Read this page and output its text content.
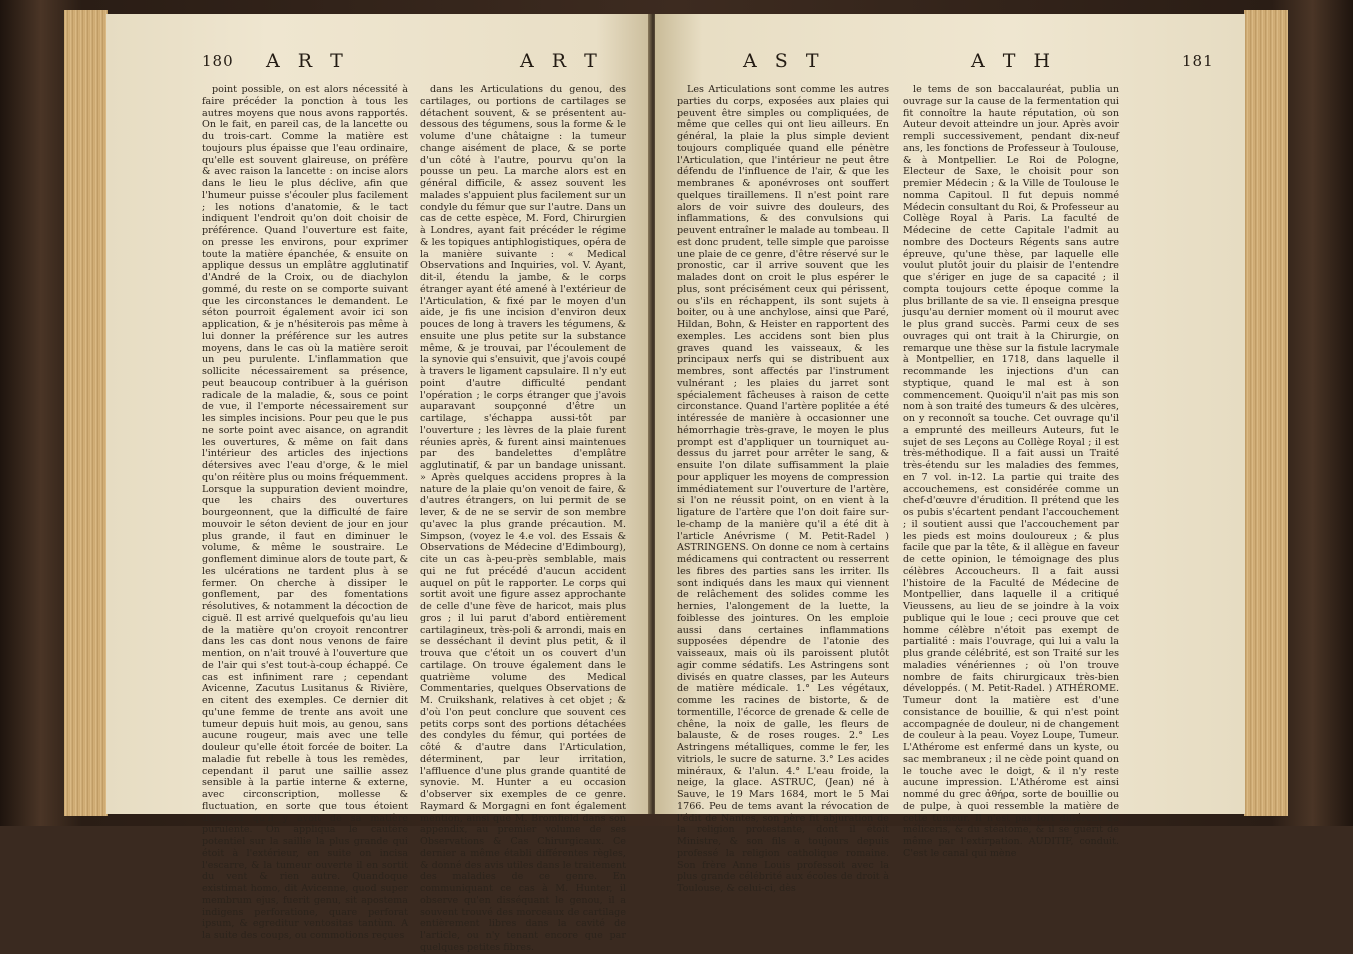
180 A R T	A R T

point possible, on est alors nécessité à faire précéder la ponction à tous les autres moyens que nous avons rapportés. On le fait, en pareil cas, de la lancette ou du trois-cart. Comme la matière est toujours plus épaisse que l'eau ordinaire, qu'elle est souvent glaireuse, on préfère & avec raison la lancette : on incise alors dans le lieu le plus déclive, afin que l'humeur puisse s'écouler plus facilement ; les notions d'anatomie, & le tact indiquent l'endroit qu'on doit choisir de préférence. Quand l'ouverture est faite, on presse les environs, pour exprimer toute la matière épanchée, & ensuite on applique dessus un emplâtre agglutinatif d'André de la Croix, ou de diachylon gommé, du reste on se comporte suivant que les circonstances le demandent. Le séton pourroit également avoir ici son application, & je n'hésiterois pas même à lui donner la préférence sur les autres moyens, dans le cas où la matière seroit un peu purulente. L'inflammation que sollicite nécessairement sa présence, peut beaucoup contribuer à la guérison radicale de la maladie, &, sous ce point de vue, il l'emporte nécessairement sur les simples incisions. Pour peu que le pus ne sorte point avec aisance, on agrandit les ouvertures, & même on fait dans l'intérieur des articles des injections détersives avec l'eau d'orge, & le miel qu'on réitère plus ou moins fréquemment. Lorsque la suppuration devient moindre, que les chairs des ouvertures bourgeonnent, que la difficulté de faire mouvoir le séton devient de jour en jour plus grande, il faut en diminuer le volume, & même le soustraire. Le gonflement diminue alors de toute part, & les ulcérations ne tardent plus à se fermer. On cherche à dissiper le gonflement, par des fomentations résolutives, & notamment la décoction de ciguë. Il est arrivé quelquefois qu'au lieu de la matière qu'on croyoit rencontrer dans les cas dont nous venons de faire mention, on n'ait trouvé à l'ouverture que de l'air qui s'est tout-à-coup échappé. Ce cas est infiniment rare ; cependant Avicenne, Zacutus Lusitanus & Rivière, en citent des exemples. Ce dernier dit qu'une femme de trente ans avoit une tumeur depuis huit mois, au genou, sans aucune rougeur, mais avec une telle douleur qu'elle étoit forcée de boiter. La maladie fut rebelle à tous les remèdes, cependant il parut une saillie assez sensible à la partie interne & externe, avec circonscription, mollesse & fluctuation, en sorte que tous étoient d'accord qu'il y avoit de sa matière purulente. On appliqua le cautère potentiel sur la saillie la plus grande qui étoit à l'extérieur, en suite on incisa l'escarre, & la tumeur ouverte il en sortit du vent & rien autre. Quandoque existimat homo, dit Avicenne, quod super membrum ejus, fuerit genu, sit apostema indigens perforatione, quare perforat ipsum, & egreditur ventositas tantùm. A la suite des coups, ou commotions reçues

dans les Articulations du genou, des cartilages, ou portions de cartilages se détachent souvent, & se présentent au-dessous des tégumens, sous la forme & le volume d'une châtaigne : la tumeur change aisément de place, & se porte d'un côté à l'autre, pourvu qu'on la pousse un peu. La marche alors est en général difficile, & assez souvent les malades s'appuient plus facilement sur un condyle du fémur que sur l'autre. Dans un cas de cette espèce, M. Ford, Chirurgien à Londres, ayant fait précéder le régime & les topiques antiphlogistiques, opéra de la manière suivante : « Medical Observations and Inquiries, vol. V. Ayant, dit-il, étendu la jambe, & le corps étranger ayant été amené à l'extérieur de l'Articulation, & fixé par le moyen d'un aide, je fis une incision d'environ deux pouces de long à travers les tégumens, & ensuite une plus petite sur la substance même, & je trouvai, par l'écoulement de la synovie qui s'ensuivit, que j'avois coupé à travers le ligament capsulaire. Il n'y eut point d'autre difficulté pendant l'opération ; le corps étranger que j'avois auparavant soupçonné d'être un cartilage, s'échappa aussi-tôt par l'ouverture ; les lèvres de la plaie furent réunies après, & furent ainsi maintenues par des bandelettes d'emplâtre agglutinatif, & par un bandage unissant. » Après quelques accidens propres à la nature de la plaie qu'on venoit de faire, & d'autres étrangers, on lui permit de se lever, & de ne se servir de son membre qu'avec la plus grande précaution. M. Simpson, (voyez le 4.e vol. des Essais & Observations de Médecine d'Edimbourg), cite un cas à-peu-près semblable, mais qui ne fut précédé d'aucun accident auquel on pût le rapporter. Le corps qui sortit avoit une figure assez approchante de celle d'une fève de haricot, mais plus gros ; il lui parut d'abord entièrement cartilagineux, très-poli & arrondi, mais en se desséchant il devint plus petit, & il trouva que c'étoit un os couvert d'un cartilage. On trouve également dans le quatrième volume des Medical Commentaries, quelques Observations de M. Cruikshank, relatives à cet objet ; & d'où l'on peut conclure que souvent ces petits corps sont des portions détachées des condyles du fémur, qui portées de côté & d'autre dans l'Articulation, déterminent, par leur irritation, l'affluence d'une plus grande quantité de synovie. M. Hunter a eu occasion d'observer six exemples de ce genre. Raymard & Morgagni en font également mention, ainsi que M. Bromfield dans son appendix, au premier volume de ses Observations & Cas Chirurgicaux. Ce dernier a même établi différentes règles, & donné des avis utiles dans le traitement des maladies de ce genre. En communiquant ce cas à M. Hunter, il observe qu'en disséquant le genou, il a souvent trouvé des morceaux de cartilage entièrement libres dans la cavité de l'article, ou n'y tenant encore que par quelques petites fibres.

A S T	A T H	181

Les Articulations sont comme les autres parties du corps, exposées aux plaies qui peuvent être simples ou compliquées, de même que celles qui ont lieu ailleurs. En général, la plaie la plus simple devient toujours compliquée quand elle pénètre l'Articulation, que l'intérieur ne peut être défendu de l'influence de l'air, & que les membranes & aponévroses ont souffert quelques tiraillemens. Il n'est point rare alors de voir suivre des douleurs, des inflammations, & des convulsions qui peuvent entraîner le malade au tombeau. Il est donc prudent, telle simple que paroisse une plaie de ce genre, d'être réservé sur le pronostic, car il arrive souvent que les malades dont on croit le plus espérer le plus, sont précisément ceux qui périssent, ou s'ils en réchappent, ils sont sujets à boiter, ou à une anchylose, ainsi que Paré, Hildan, Bohn, & Heister en rapportent des exemples. Les accidens sont bien plus graves quand les vaisseaux, & les principaux nerfs qui se distribuent aux membres, sont affectés par l'instrument vulnérant ; les plaies du jarret sont spécialement fâcheuses à raison de cette circonstance. Quand l'artère poplitée a été intéressée de manière à occasionner une hémorrhagie très-grave, le moyen le plus prompt est d'appliquer un tourniquet au-dessus du jarret pour arrêter le sang, & ensuite l'on dilate suffisamment la plaie pour appliquer les moyens de compression immédiatement sur l'ouverture de l'artère, si l'on ne réussit point, on en vient à la ligature de l'artère que l'on doit faire sur-le-champ de la manière qu'il a été dit à l'article Anévrisme ( M. Petit-Radel ) ASTRINGENS. On donne ce nom à certains médicamens qui contractent ou resserrent les fibres des parties sans les irriter. Ils sont indiqués dans les maux qui viennent de relâchement des solides comme les hernies, l'alongement de la luette, la foiblesse des jointures. On les emploie aussi dans certaines inflammations supposées dépendre de l'atonie des vaisseaux, mais où ils paroissent plutôt agir comme sédatifs. Les Astringens sont divisés en quatre classes, par les Auteurs de matière médicale. 1.° Les végétaux, comme les racines de bistorte, & de tormentille, l'écorce de grenade & celle de chêne, la noix de galle, les fleurs de balauste, & de roses rouges. 2.° Les Astringens métalliques, comme le fer, les vitriols, le sucre de saturne. 3.° Les acides minéraux, & l'alun. 4.° L'eau froide, la neige, la glace. ASTRUC, (Jean) né à Sauve, le 19 Mars 1684, mort le 5 Mai 1766. Peu de tems avant la révocation de l'édit de Nantes, son père fit abjuration de la religion protestante, dont il étoit Ministre, & son fils a toujours depuis professé la religion catholique romaine. Son frère Anne Louis professoit avec la plus grande célébrité aux écoles de droit à Toulouse, & celui-ci, dès

le tems de son baccalauréat, publia un ouvrage sur la cause de la fermentation qui fit connoître la haute réputation, où son Auteur devoit atteindre un jour. Après avoir rempli successivement, pendant dix-neuf ans, les fonctions de Professeur à Toulouse, & à Montpellier. Le Roi de Pologne, Electeur de Saxe, le choisit pour son premier Médecin ; & la Ville de Toulouse le nomma Capitoul. Il fut depuis nommé Médecin consultant du Roi, & Professeur au Collège Royal à Paris. La faculté de Médecine de cette Capitale l'admit au nombre des Docteurs Régents sans autre épreuve, qu'une thèse, par laquelle elle voulut plutôt jouir du plaisir de l'entendre que s'ériger en juge de sa capacité ; il compta toujours cette époque comme la plus brillante de sa vie. Il enseigna presque jusqu'au dernier moment où il mourut avec le plus grand succès. Parmi ceux de ses ouvrages qui ont trait à la Chirurgie, on remarque une thèse sur la fistule lacrymale à Montpellier, en 1718, dans laquelle il recommande les injections d'un can styptique, quand le mal est à son commencement. Quoiqu'il n'ait pas mis son nom à son traité des tumeurs & des ulcères, on y reconnoît sa touche. Cet ouvrage qu'il a emprunté des meilleurs Auteurs, fut le sujet de ses Leçons au Collège Royal ; il est très-méthodique. Il a fait aussi un Traité très-étendu sur les maladies des femmes, en 7 vol. in-12. La partie qui traite des accouchemens, est considérée comme un chef-d'œuvre d'érudition. Il prétend que les os pubis s'écartent pendant l'accouchement ; il soutient aussi que l'accouchement par les pieds est moins douloureux ; & plus facile que par la tête, & il allègue en faveur de cette opinion, le témoignage des plus célèbres Accoucheurs. Il a fait aussi l'histoire de la Faculté de Médecine de Montpellier, dans laquelle il a critiqué Vieussens, au lieu de se joindre à la voix publique qui le loue ; ceci prouve que cet homme célèbre n'étoit pas exempt de partialité : mais l'ouvrage, qui lui a valu la plus grande célébrité, est son Traité sur les maladies vénériennes ; où l'on trouve nombre de faits chirurgicaux très-bien développés. ( M. Petit-Radel. ) ATHÉROME. Tumeur dont la matière est d'une consistance de bouillie, & qui n'est point accompagnée de douleur, ni de changement de couleur à la peau. Voyez Loupe, Tumeur. L'Athérome est enfermé dans un kyste, ou sac membraneux ; il ne cède point quand on le touche avec le doigt, & il n'y reste aucune impression. L'Athérome est ainsi nommé du grec ἀθήρα, sorte de bouillie ou de pulpe, à quoi ressemble la matière de cette tumeur. Il n'est pas fort différent du méliceris, & du stéatome, & il se guérit de même par l'extirpation. AUDITIF, conduit. C'est le canal qui mène
